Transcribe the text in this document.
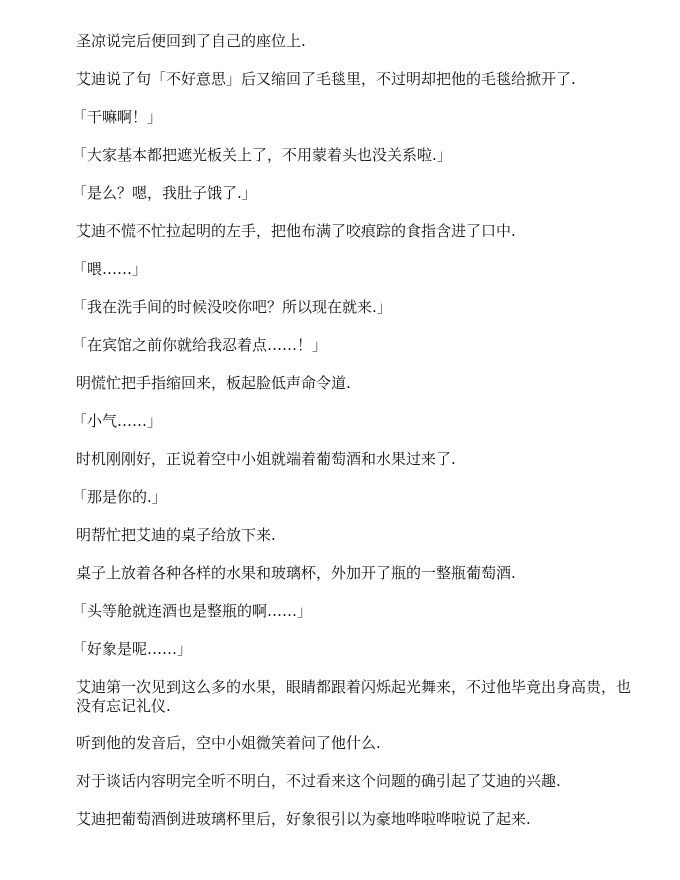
圣凉说完后便回到了自己的座位上.

艾迪说了句「不好意思」后又缩回了毛毯里，不过明却把他的毛毯给掀开了.

「干嘛啊！」

「大家基本都把遮光板关上了，不用蒙着头也没关系啦.」

「是么？嗯，我肚子饿了.」

艾迪不慌不忙拉起明的左手，把他布满了咬痕踪的食指含进了口中.

「喂……」

「我在洗手间的时候没咬你吧？所以现在就来.」

「在宾馆之前你就给我忍着点……！」

明慌忙把手指缩回来，板起脸低声命令道.

「小气……」

时机刚刚好，正说着空中小姐就端着葡萄酒和水果过来了.

「那是你的.」

明帮忙把艾迪的桌子给放下来.

桌子上放着各种各样的水果和玻璃杯，外加开了瓶的一整瓶葡萄酒.

「头等舱就连酒也是整瓶的啊……」

「好象是呢……」

艾迪第一次见到这么多的水果，眼睛都跟着闪烁起光舞来，不过他毕竟出身高贵，也没有忘记礼仪.

听到他的发音后，空中小姐微笑着问了他什么.

对于谈话内容明完全听不明白，不过看来这个问题的确引起了艾迪的兴趣.

艾迪把葡萄酒倒进玻璃杯里后，好象很引以为豪地哗啦哗啦说了起来.
